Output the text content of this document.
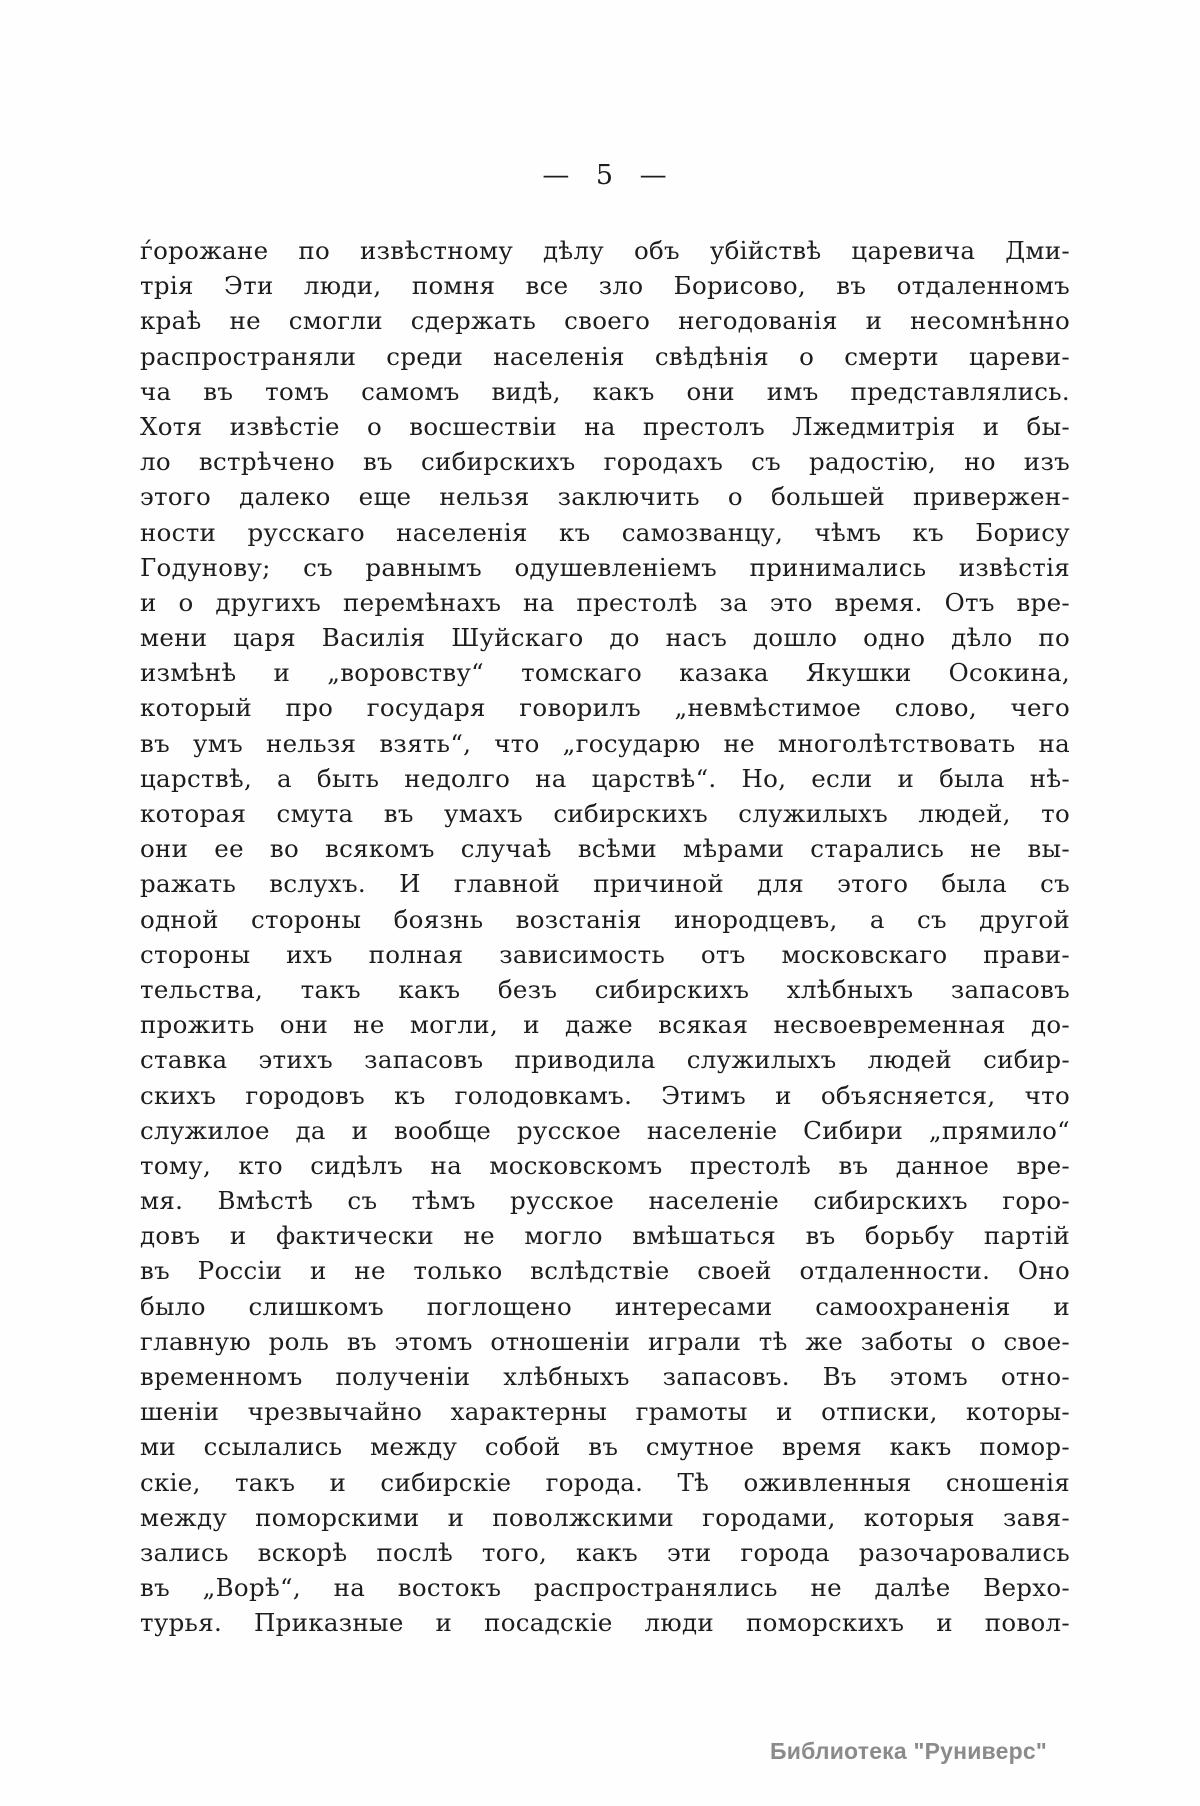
— 5 —
ѓорожане по извѣстному дѣлу объ убійствѣ царевича Дми-
трія Эти люди, помня все зло Борисово, въ отдаленномъ
краѣ не смогли сдержать своего негодованія и несомнѣнно
распространяли среди населенія свѣдѣнія о смерти цареви-
ча въ томъ самомъ видѣ, какъ они имъ представлялись.
Хотя извѣстіе о восшествіи на престолъ Лжедмитрія и бы-
ло встрѣчено въ сибирскихъ городахъ съ радостію, но изъ
этого далеко еще нельзя заключить о большей привержен-
ности русскаго населенія къ самозванцу, чѣмъ къ Борису
Годунову; съ равнымъ одушевленіемъ принимались извѣстія
и о другихъ перемѣнахъ на престолѣ за это время. Отъ вре-
мени царя Василія Шуйскаго до насъ дошло одно дѣло по
измѣнѣ и „воровству“ томскаго казака Якушки Осокина,
который про государя говорилъ „невмѣстимое слово, чего
въ умъ нельзя взять“, что „государю не многолѣтствовать на
царствѣ, а быть недолго на царствѣ“. Но, если и была нѣ-
которая смута въ умахъ сибирскихъ служилыхъ людей, то
они ее во всякомъ случаѣ всѣми мѣрами старались не вы-
ражать вслухъ. И главной причиной для этого была съ
одной стороны боязнь возстанія инородцевъ, а съ другой
стороны ихъ полная зависимость отъ московскаго прави-
тельства, такъ какъ безъ сибирскихъ хлѣбныхъ запасовъ
прожить они не могли, и даже всякая несвоевременная до-
ставка этихъ запасовъ приводила служилыхъ людей сибир-
скихъ городовъ къ голодовкамъ. Этимъ и объясняется, что
служилое да и вообще русское населеніе Сибири „прямило“
тому, кто сидѣлъ на московскомъ престолѣ въ данное вре-
мя. Вмѣстѣ съ тѣмъ русское населеніе сибирскихъ горо-
довъ и фактически не могло вмѣшаться въ борьбу партій
въ Россіи и не только вслѣдствіе своей отдаленности. Оно
было слишкомъ поглощено интересами самоохраненія и
главную роль въ этомъ отношеніи играли тѣ же заботы о свое-
временномъ полученіи хлѣбныхъ запасовъ. Въ этомъ отно-
шеніи чрезвычайно характерны грамоты и отписки, которы-
ми ссылались между собой въ смутное время какъ помор-
скіе, такъ и сибирскіе города. Тѣ оживленныя сношенія
между поморскими и поволжскими городами, которыя завя-
зались вскорѣ послѣ того, какъ эти города разочаровались
въ „Ворѣ“, на востокъ распространялись не далѣе Верхо-
турья. Приказные и посадскіе люди поморскихъ и повол-
Библиотека "Руниверс"
